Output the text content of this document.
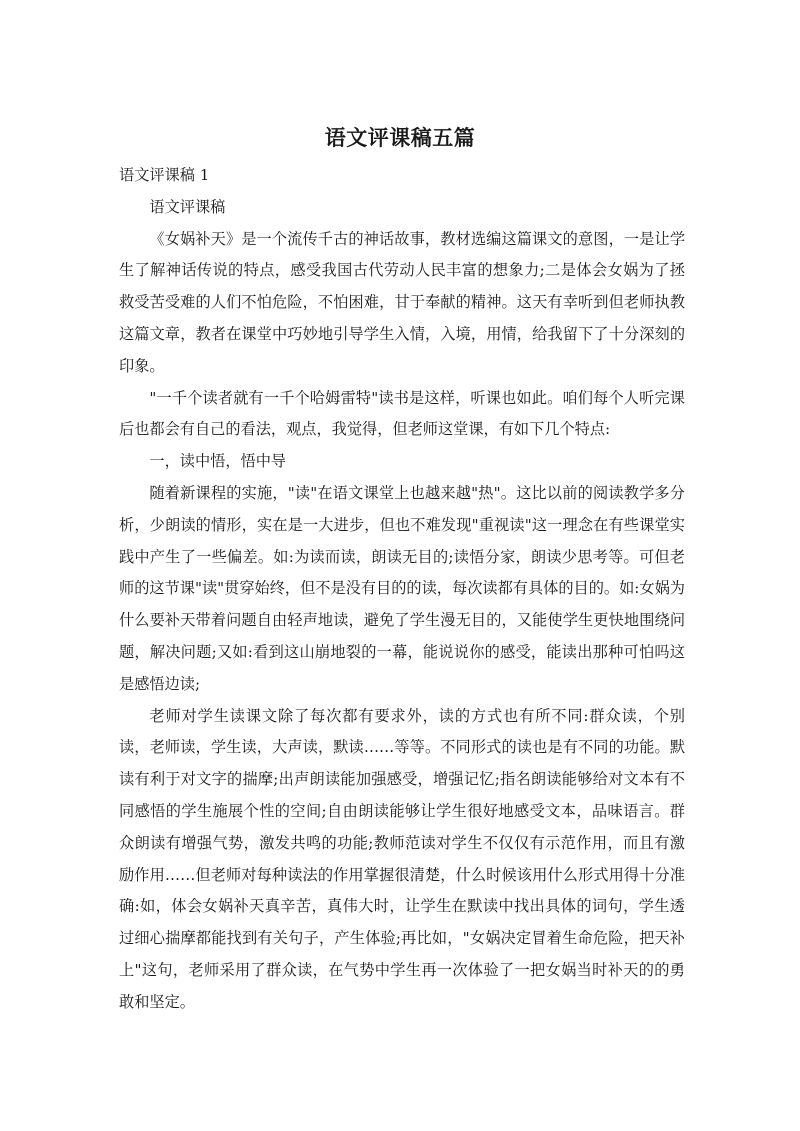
语文评课稿五篇

语文评课稿 1

语文评课稿

《女娲补天》是一个流传千古的神话故事，教材选编这篇课文的意图，一是让学生了解神话传说的特点，感受我国古代劳动人民丰富的想象力;二是体会女娲为了拯救受苦受难的人们不怕危险，不怕困难，甘于奉献的精神。这天有幸听到但老师执教这篇文章，教者在课堂中巧妙地引导学生入情，入境，用情，给我留下了十分深刻的印象。

"一千个读者就有一千个哈姆雷特"读书是这样，听课也如此。咱们每个人听完课后也都会有自己的看法，观点，我觉得，但老师这堂课，有如下几个特点:

一，读中悟，悟中导

随着新课程的实施，"读"在语文课堂上也越来越"热"。这比以前的阅读教学多分析，少朗读的情形，实在是一大进步，但也不难发现"重视读"这一理念在有些课堂实践中产生了一些偏差。如:为读而读，朗读无目的;读悟分家，朗读少思考等。可但老师的这节课"读"贯穿始终，但不是没有目的的读，每次读都有具体的目的。如:女娲为什么要补天带着问题自由轻声地读，避免了学生漫无目的，又能使学生更快地围绕问题，解决问题;又如:看到这山崩地裂的一幕，能说说你的感受，能读出那种可怕吗这是感悟边读;

老师对学生读课文除了每次都有要求外，读的方式也有所不同:群众读，个别读，老师读，学生读，大声读，默读……等等。不同形式的读也是有不同的功能。默读有利于对文字的揣摩;出声朗读能加强感受，增强记忆;指名朗读能够给对文本有不同感悟的学生施展个性的空间;自由朗读能够让学生很好地感受文本，品味语言。群众朗读有增强气势，激发共鸣的功能;教师范读对学生不仅仅有示范作用，而且有激励作用……但老师对每种读法的作用掌握很清楚，什么时候该用什么形式用得十分准确:如，体会女娲补天真辛苦，真伟大时，让学生在默读中找出具体的词句，学生透过细心揣摩都能找到有关句子，产生体验;再比如，"女娲决定冒着生命危险，把天补上"这句，老师采用了群众读，在气势中学生再一次体验了一把女娲当时补天的的勇敢和坚定。
